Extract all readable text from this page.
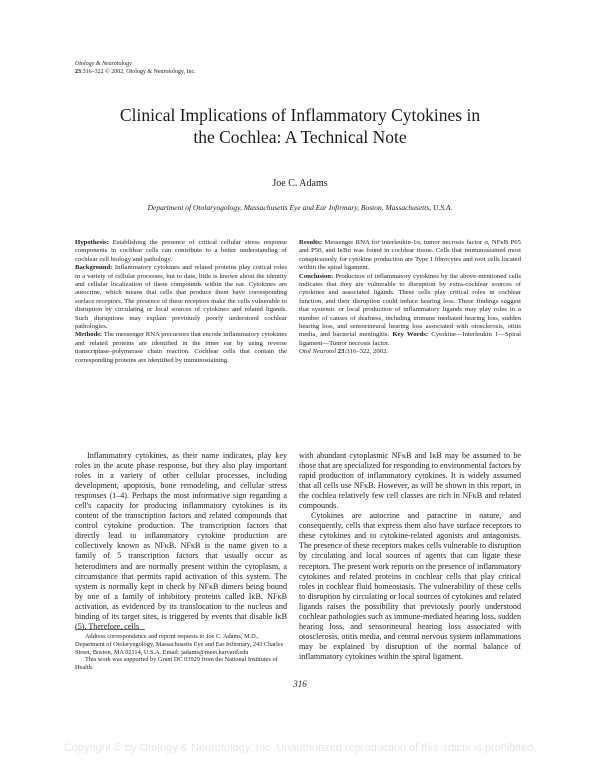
Otology & Neurotology
23:316–322 © 2002, Otology & Neurotology, Inc.
Clinical Implications of Inflammatory Cytokines in
the Cochlea: A Technical Note
Joe C. Adams
Department of Otolaryngology, Massachusetts Eye and Ear Infirmary, Boston, Massachusetts, U.S.A.

Hypothesis: Establishing the presence of critical cellular stress response components in cochlear cells can contribute to a better understanding of cochlear cell biology and pathology.

Background: Inflammatory cytokines and related proteins play critical roles in a variety of cellular processes, but to date, little is known about the identity and cellular localization of these compounds within the ear. Cytokines are autocrine, which means that cells that produce them have corresponding surface receptors. The presence of these receptors make the cells vulnerable to disruption by circulating or local sources of cytokines and related ligands. Such disruptions may explain previously poorly understood cochlear pathologies.

Methods: The messenger RNA precursors that encode inflammatory cytokines and related proteins are identified in the inner ear by using reverse transcriptase–polymerase chain reaction. Cochlear cells that contain the corresponding proteins are identified by immunostaining.

Results: Messenger RNA for interleukin-1α, tumor necrosis factor α, NFκB P65 and P50, and IκBα was found in cochlear tissue. Cells that immunostained most conspicuously for cytokine production are Type I fibrocytes and root cells located within the spiral ligament.

Conclusion: Production of inflammatory cytokines by the above-mentioned cells indicates that they are vulnerable to disruption by extra-cochlear sources of cytokines and associated ligands. These cells play critical roles in cochlear function, and their disruption could induce hearing loss. These findings suggest that systemic or local production of inflammatory ligands may play roles in a number of causes of deafness, including immune mediated hearing loss, sudden hearing loss, and sensorineural hearing loss associated with otosclerosis, otitis media, and bacterial meningitis. Key Words: Cytokine—Interleukin 1—Spiral ligament—Tumor necrosis factor.

Otol Neurotol 23:316–322, 2002.

Inflammatory cytokines, as their name indicates, play key roles in the acute phase response, but they also play important roles in a variety of other cellular processes, including development, apoptosis, bone remodeling, and cellular stress responses (1–4). Perhaps the most informative sign regarding a cell's capacity for producing inflammatory cytokines is its content of the transcription factors and related compounds that control cytokine production. The transcription factors that directly lead to inflammatory cytokine production are collectively known as NFκB. NFκB is the name given to a family of 5 transcription factors that usually occur as heterodimers and are normally present within the cytoplasm, a circumstance that permits rapid activation of this system. The system is normally kept in check by NFκB dimers being bound by one of a family of inhibitory proteins called IκB. NFκB activation, as evidenced by its translocation to the nucleus and binding of its target sites, is triggered by events that disable IκB (5). Therefore, cells

with abundant cytoplasmic NFκB and IκB may be assumed to be those that are specialized for responding to environmental factors by rapid production of inflammatory cytokines. It is widely assumed that all cells use NFκB. However, as will be shown in this report, in the cochlea relatively few cell classes are rich in NFκB and related compounds.

Cytokines are autocrine and paracrine in nature, and consequently, cells that express them also have surface receptors to these cytokines and to cytokine-related agonists and antagonists. The presence of these receptors makes cells vulnerable to disruption by circulating and local sources of agents that can ligate these receptors. The present work reports on the presence of inflammatory cytokines and related proteins in cochlear cells that play critical roles in cochlear fluid homeostasis. The vulnerability of these cells to disruption by circulating or local sources of cytokines and related ligands raises the possibility that previously poorly understood cochlear pathologies such as immune-mediated hearing loss, sudden hearing loss, and sensorineural hearing loss associated with otosclerosis, otitis media, and central nervous system inflammations may be explained by disruption of the normal balance of inflammatory cytokines within the spiral ligament.

Address correspondence and reprint requests to Joe C. Adams, M.D., Department of Otolaryngology, Massachusetts Eye and Ear Infirmary, 243 Charles Street, Boston, MA 02114, U.S.A. Email: jadams@meei.harvard.edu

This work was supported by Grant DC 03929 from the National Institutes of Health.

316
Copyright © by Otology & Neurotology, Inc. Unauthorized reproduction of this article is prohibited.
